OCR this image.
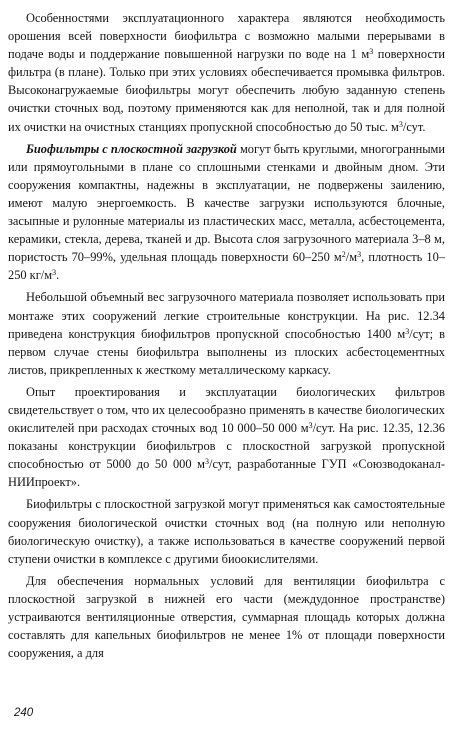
Особенностями эксплуатационного характера являются необходимость орошения всей поверхности биофильтра с возможно малыми перерывами в подаче воды и поддержание повышенной нагрузки по воде на 1 $м^3$ поверхности фильтра (в плане). Только при этих условиях обеспечивается промывка фильтров. Высоконагружаемые биофильтры могут обеспечить любую заданную степень очистки сточных вод, поэтому применяются как для неполной, так и для полной их очистки на очистных станциях пропускной способностью до 50 тыс. $м^3$/сут.

Биофильтры с плоскостной загрузкой могут быть круглыми, многогранными или прямоугольными в плане со сплошными стенками и двойным дном. Эти сооружения компактны, надежны в эксплуатации, не подвержены заилению, имеют малую энергоемкость. В качестве загрузки используются блочные, засыпные и рулонные материалы из пластических масс, металла, асбестоцемента, керамики, стекла, дерева, тканей и др. Высота слоя загрузочного материала 3–8 м, пористость 70–99%, удельная площадь поверхности 60–250 $м^2/м^3$, плотность 10–250 $кг/м^3$.

Небольшой объемный вес загрузочного материала позволяет использовать при монтаже этих сооружений легкие строительные конструкции. На рис. 12.34 приведена конструкция биофильтров пропускной способностью 1400 $м^3$/сут; в первом случае стены биофильтра выполнены из плоских асбестоцементных листов, прикрепленных к жесткому металлическому каркасу.

Опыт проектирования и эксплуатации биологических фильтров свидетельствует о том, что их целесообразно применять в качестве биологических окислителей при расходах сточных вод 10 000–50 000 $м^3$/сут. На рис. 12.35, 12.36 показаны конструкции биофильтров с плоскостной загрузкой пропускной способностью от 5000 до 50 000 $м^3$/сут, разработанные ГУП «СоюзводоканалНИИпроект».

Биофильтры с плоскостной загрузкой могут применяться как самостоятельные сооружения биологической очистки сточных вод (на полную или неполную биологическую очистку), а также использоваться в качестве сооружений первой ступени очистки в комплексе с другими биоокислителями.

Для обеспечения нормальных условий для вентиляции биофильтра с плоскостной загрузкой в нижней его части (междудонное пространстве) устраиваются вентиляционные отверстия, суммарная площадь которых должна составлять для капельных биофильтров не менее 1% от площади поверхности сооружения, а для

240
